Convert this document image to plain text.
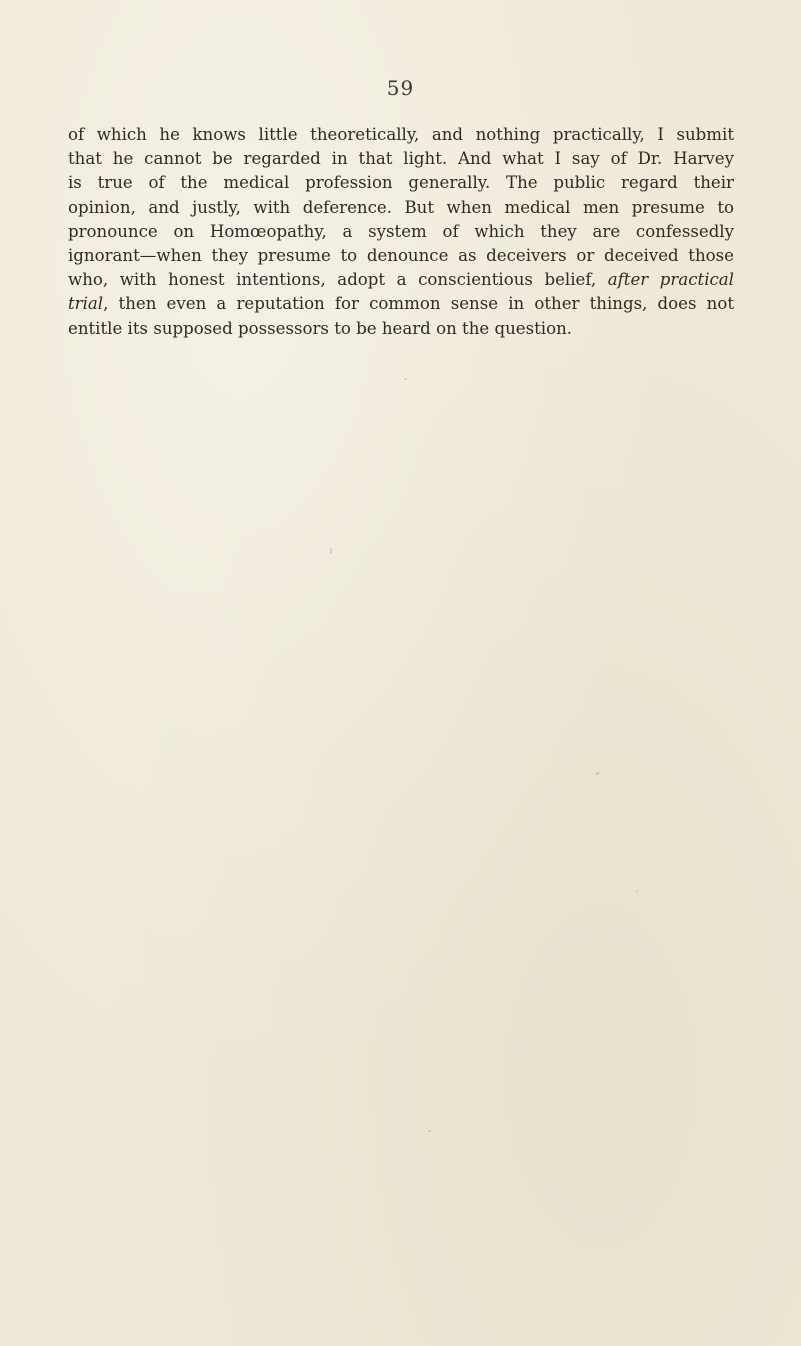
59
of which he knows little theoretically, and nothing practically, I submit
that he cannot be regarded in that light. And what I say of Dr. Harvey
is true of the medical profession generally. The public regard their
opinion, and justly, with deference. But when medical men presume to
pronounce on Homœopathy, a system of which they are confessedly
ignorant—when they presume to denounce as deceivers or deceived those
who, with honest intentions, adopt a conscientious belief, after practical
trial, then even a reputation for common sense in other things, does not
entitle its supposed possessors to be heard on the question.
